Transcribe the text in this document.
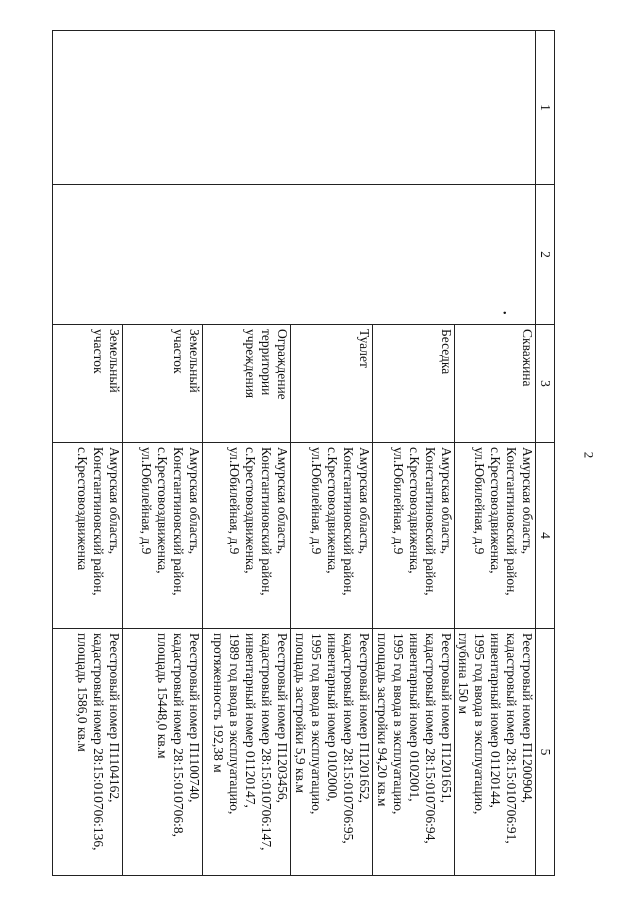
2
1	2	3	4	5
	$_•$	Скважина	Амурская область,
Константиновский район,
с.Крестовоздвиженка,
ул.Юбилейная, д.9	Реестровый номер П1200904,
кадастровый номер 28:15:010706:91,
инвентарный номер 01120144,
1995 год ввода в эксплуатацию,
глубина 150 м
		Беседка	Амурская область,
Константиновский район,
с.Крестовоздвиженка,
ул.Юбилейная, д.9	Реестровый номер П1201651,
кадастровый номер 28:15:010706:94,
инвентарный номер 0102001,
1995 год ввода в эксплуатацию,
площадь застройки 94,20 кв.м
		Туалет	Амурская область,
Константиновский район,
с.Крестовоздвиженка,
ул.Юбилейная, д.9	Реестровый номер П1201652,
кадастровый номер 28:15:010706:95,
инвентарный номер 0102000,
1995 год ввода в эксплуатацию,
площадь застройки 5,9 кв.м
		Ограждение
территории
учреждения	Амурская область,
Константиновский район,
с.Крестовоздвиженка,
ул.Юбилейная, д.9	Реестровый номер П1203456,
кадастровый номер 28:15:010706:147,
инвентарный номер 01120147,
1989 год ввода в эксплуатацию,
протяженность 192,38 м
		Земельный
участок	Амурская область,
Константиновский район,
с.Крестовоздвиженка,
ул.Юбилейная, д.9	Реестровый номер П1100740,
кадастровый номер 28:15:010706:8,
площадь 15448,0 кв.м
		Земельный
участок	Амурская область,
Константиновский район,
с.Крестовоздвиженка	Реестровый номер П1104162,
кадастровый номер 28:15:010706:136,
площадь 1586,0 кв.м
